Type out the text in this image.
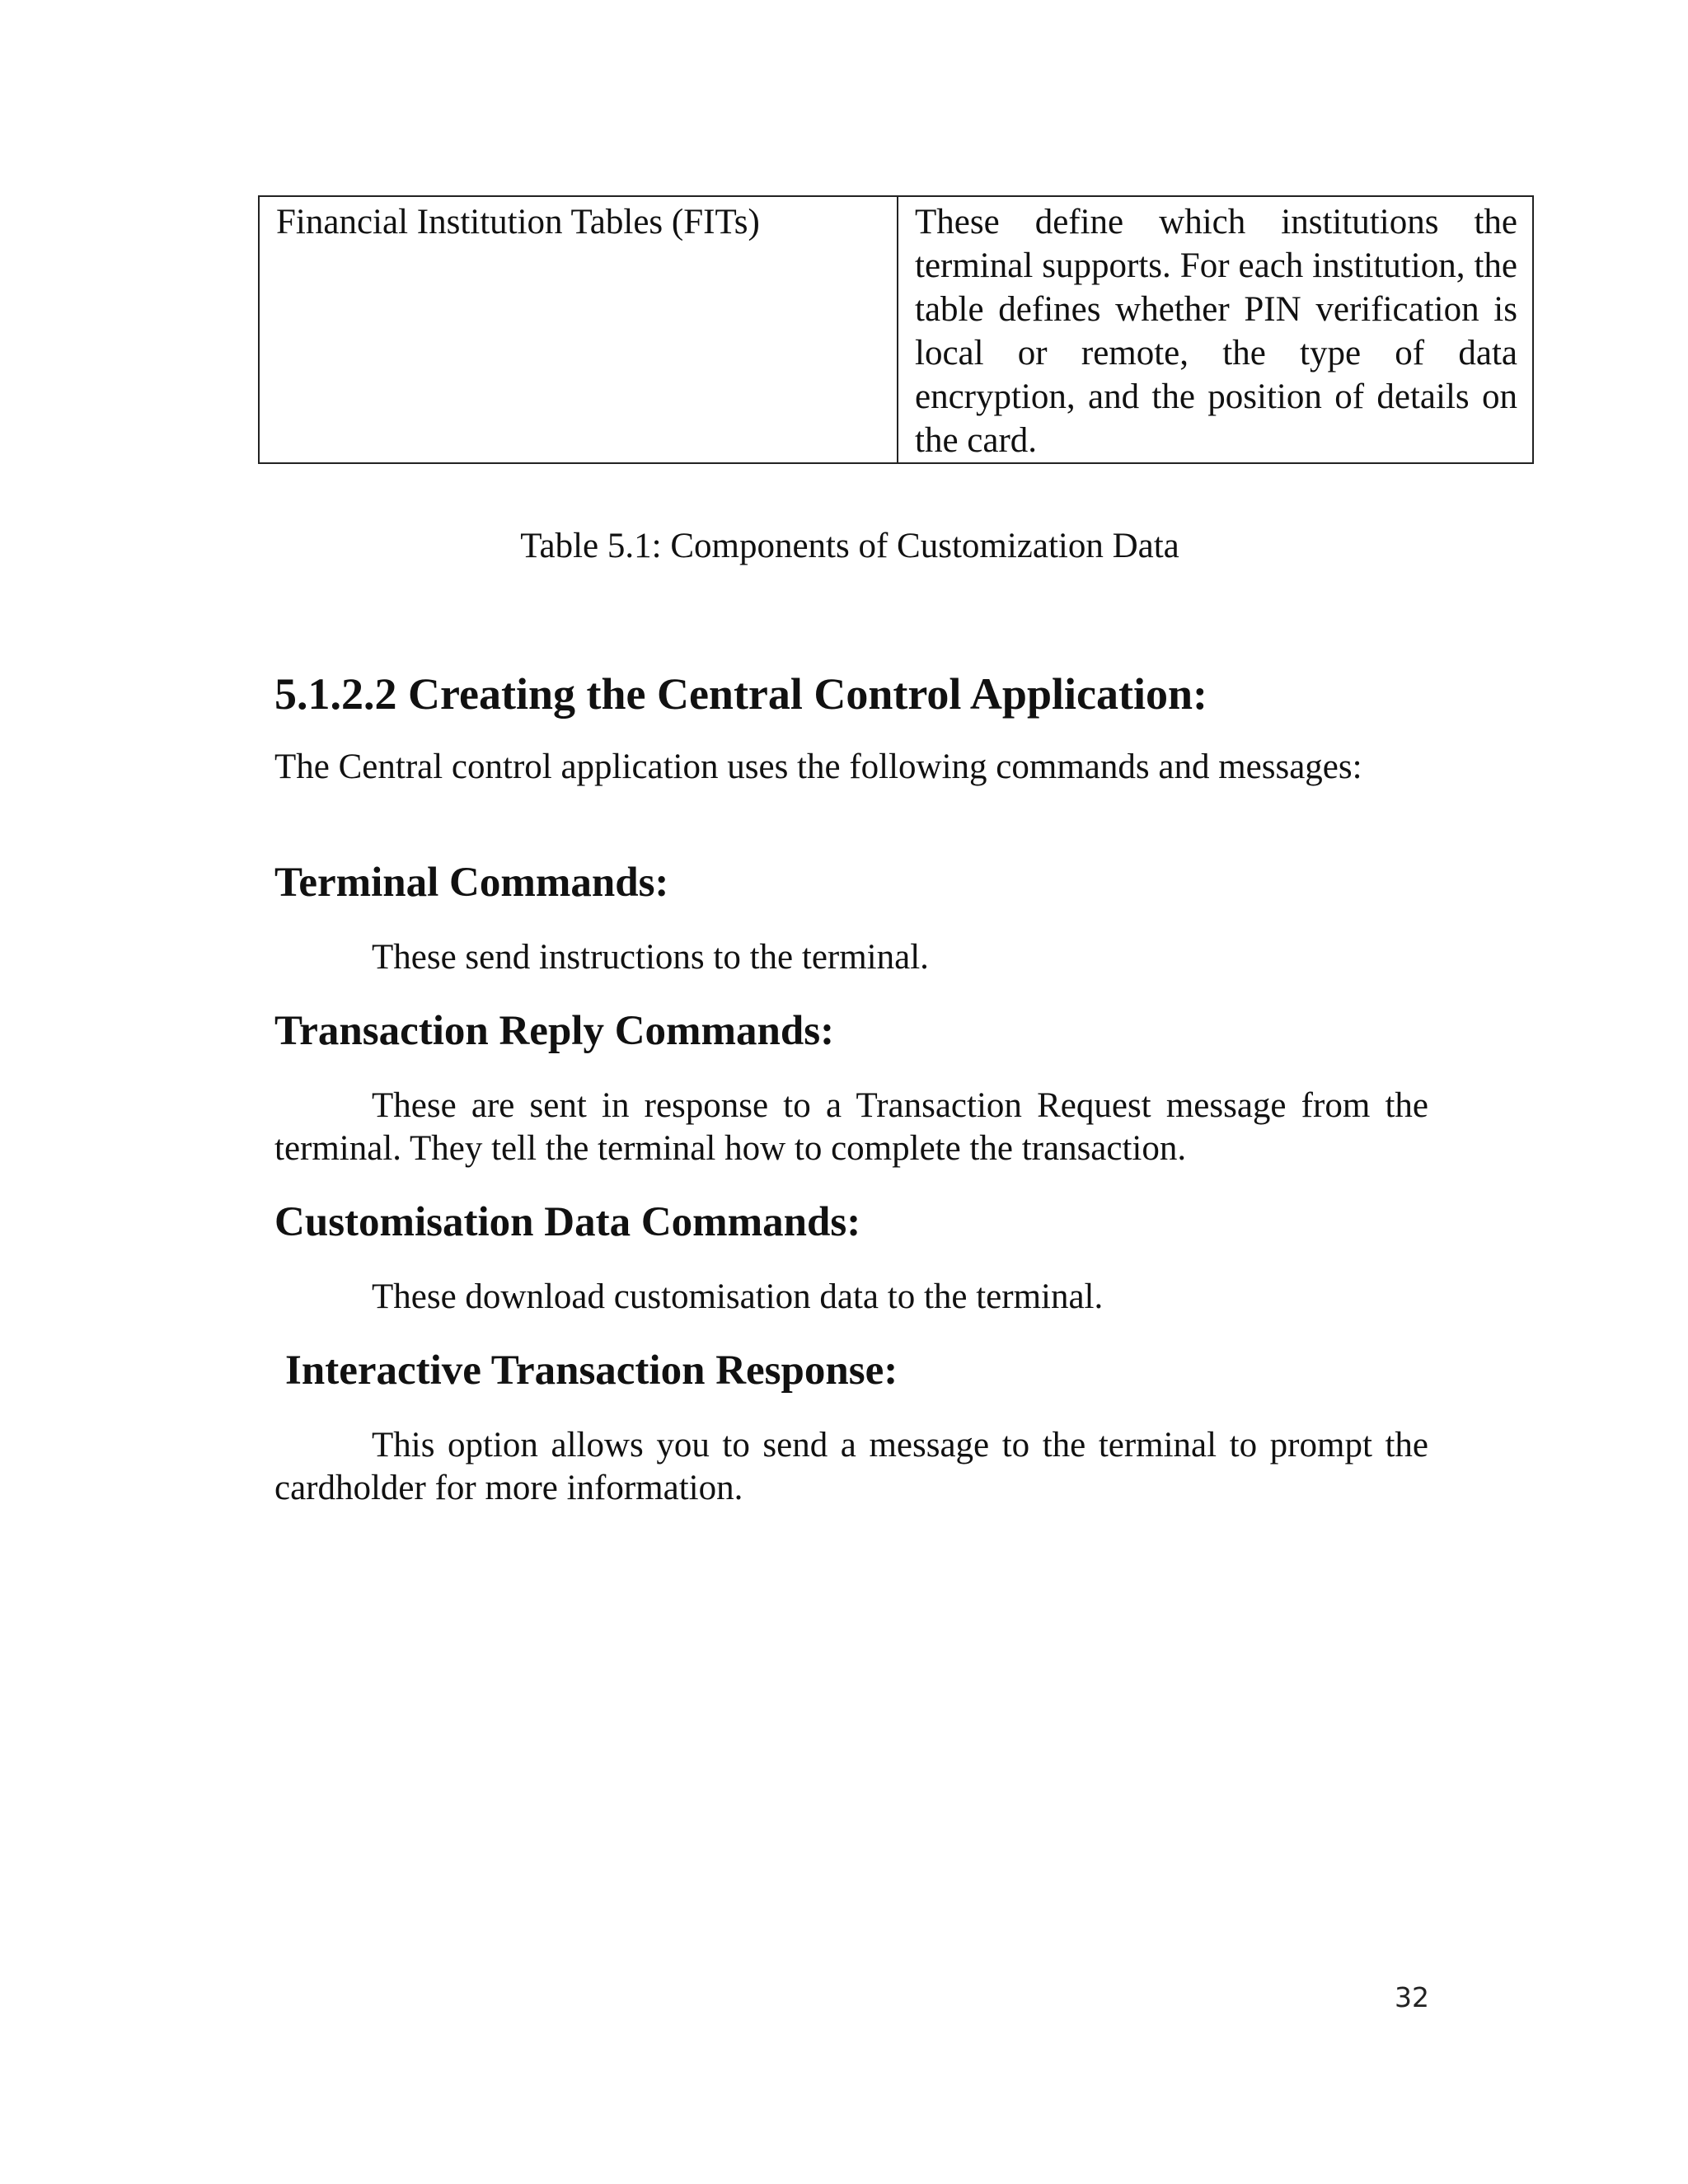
Financial Institution Tables (FITs)	These define which institutions the terminal supports. For each institution, the table defines whether PIN verification is local or remote, the type of data encryption, and the position of details on the card.
Table 5.1: Components of Customization Data
5.1.2.2 Creating the Central Control Application:

The Central control application uses the following commands and messages:

Terminal Commands:

These send instructions to the terminal.

Transaction Reply Commands:

These are sent in response to a Transaction Request message from the terminal. They tell the terminal how to complete the transaction.

Customisation Data Commands:

These download customisation data to the terminal.

Interactive Transaction Response:

This option allows you to send a message to the terminal to prompt the cardholder for more information.

32
